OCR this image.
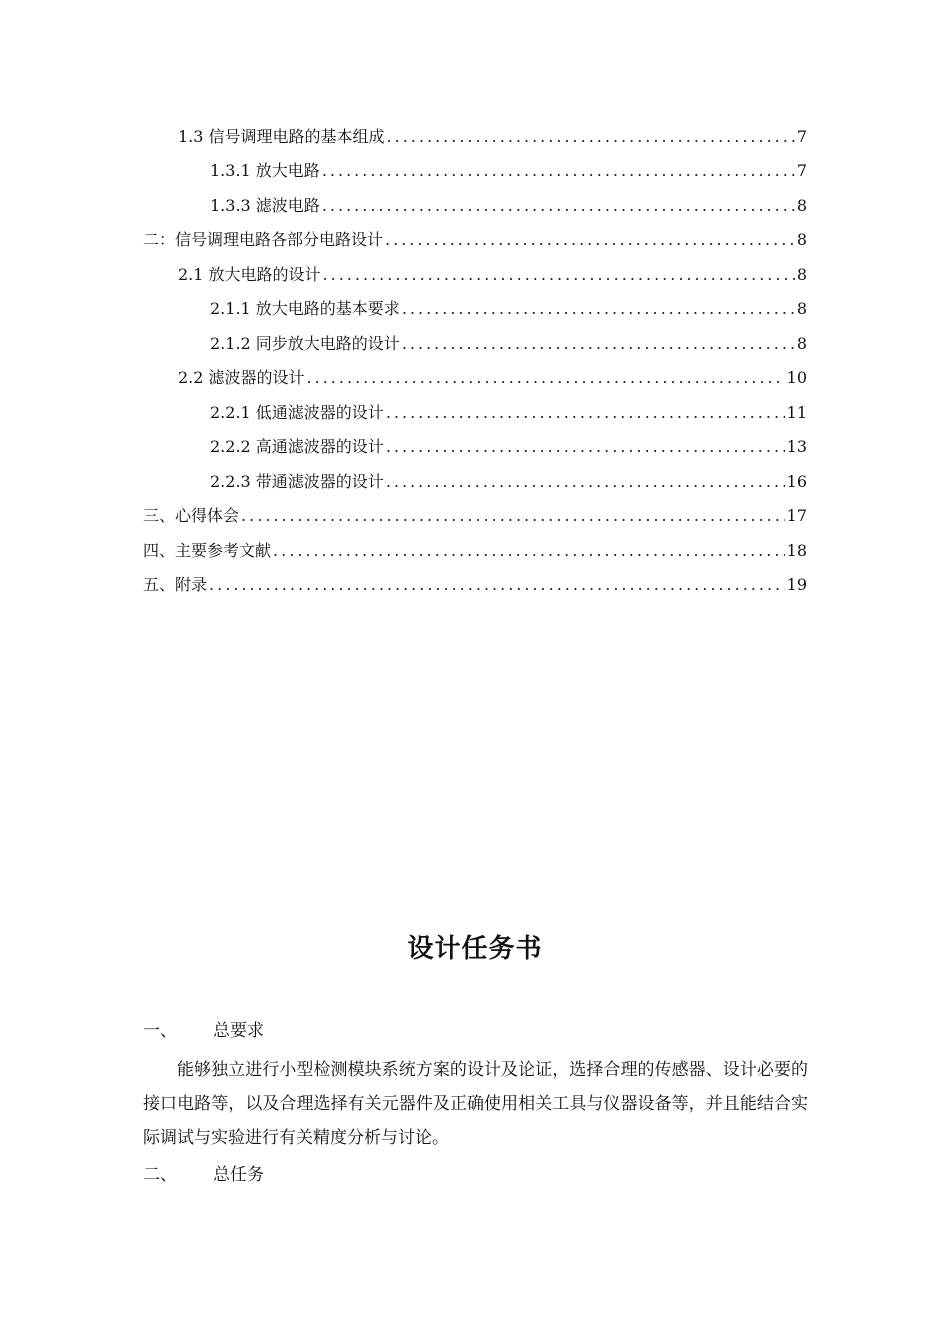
1.3 信号调理电路的基本组成 .....	7
1.3.1 放大电路 .....	7
1.3.3 滤波电路 .....	8
二：信号调理电路各部分电路设计 .....	8
2.1 放大电路的设计 .....	8
2.1.1 放大电路的基本要求 .....	8
2.1.2 同步放大电路的设计 .....	8
2.2 滤波器的设计 .....	10
2.2.1 低通滤波器的设计 .....	11
2.2.2 高通滤波器的设计 .....	13
2.2.3 带通滤波器的设计 .....	16
三、心得体会 .....	17
四、主要参考文献 .....	18
五、附录 .....	19
设计任务书
一、 总要求
能够独立进行小型检测模块系统方案的设计及论证，选择合理的传感器、设计必要的接口电路等，以及合理选择有关元器件及正确使用相关工具与仪器设备等，并且能结合实际调试与实验进行有关精度分析与讨论。
二、 总任务
